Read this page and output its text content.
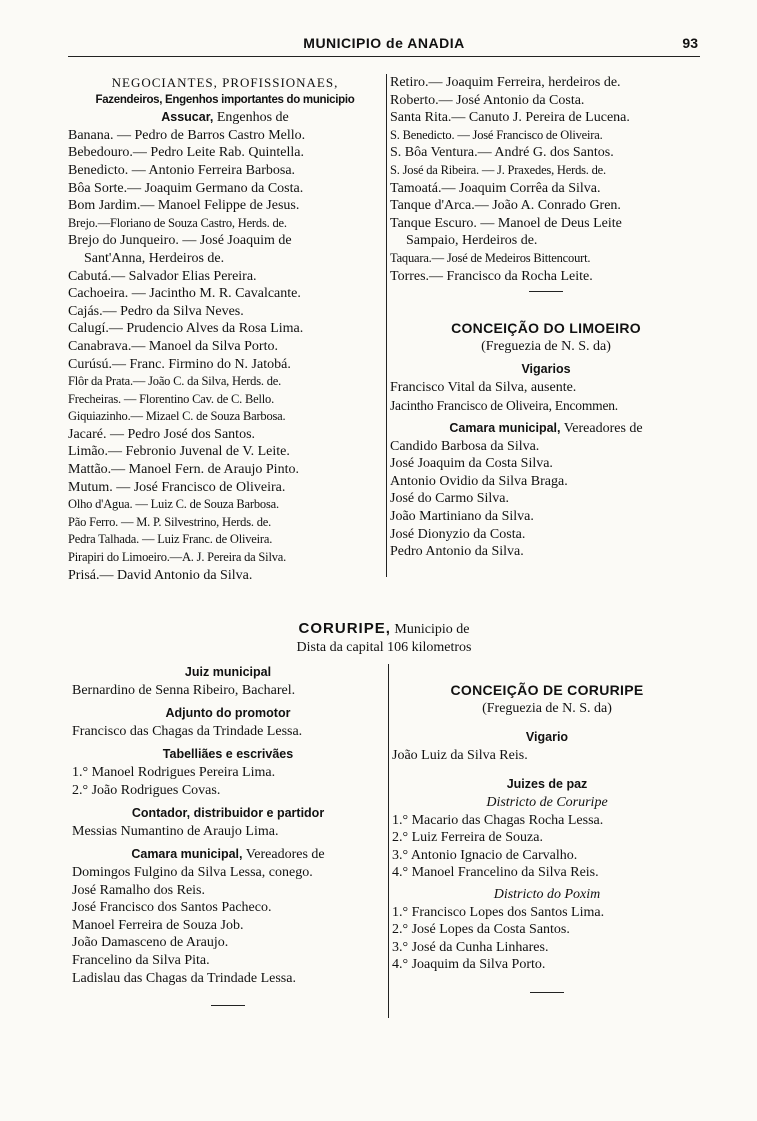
MUNICIPIO de ANADIA	93
NEGOCIANTES, PROFISSIONAES,
Fazendeiros, Engenhos importantes do municipio
Assucar, Engenhos de
Banana. — Pedro de Barros Castro Mello.
Bebedouro.— Pedro Leite Rab. Quintella.
Benedicto. — Antonio Ferreira Barbosa.
Bôa Sorte.— Joaquim Germano da Costa.
Bom Jardim.— Manoel Felippe de Jesus.
Brejo.—Floriano de Souza Castro, Herds. de.
Brejo do Junqueiro. — José Joaquim de
Sant'Anna, Herdeiros de.
Cabutá.— Salvador Elias Pereira.
Cachoeira. — Jacintho M. R. Cavalcante.
Cajás.— Pedro da Silva Neves.
Calugí.— Prudencio Alves da Rosa Lima.
Canabrava.— Manoel da Silva Porto.
Curúsú.— Franc. Firmino do N. Jatobá.
Flôr da Prata.— João C. da Silva, Herds. de.
Frecheiras. — Florentino Cav. de C. Bello.
Giquiazinho.— Mizael C. de Souza Barbosa.
Jacaré. — Pedro José dos Santos.
Limão.— Febronio Juvenal de V. Leite.
Mattão.— Manoel Fern. de Araujo Pinto.
Mutum. — José Francisco de Oliveira.
Olho d'Agua. — Luiz C. de Souza Barbosa.
Pão Ferro. — M. P. Silvestrino, Herds. de.
Pedra Talhada. — Luiz Franc. de Oliveira.
Pirapiri do Limoeiro.—A. J. Pereira da Silva.
Prisá.— David Antonio da Silva.
Retiro.— Joaquim Ferreira, herdeiros de.
Roberto.— José Antonio da Costa.
Santa Rita.— Canuto J. Pereira de Lucena.
S. Benedicto. — José Francisco de Oliveira.
S. Bôa Ventura.— André G. dos Santos.
S. José da Ribeira. — J. Praxedes, Herds. de.
Tamoatá.— Joaquim Corrêa da Silva.
Tanque d'Arca.— João A. Conrado Gren.
Tanque Escuro. — Manoel de Deus Leite
Sampaio, Herdeiros de.
Taquara.— José de Medeiros Bittencourt.
Torres.— Francisco da Rocha Leite.
CONCEIÇÃO DO LIMOEIRO
(Freguezia de N. S. da)
Vigarios
Francisco Vital da Silva, ausente.
Jacintho Francisco de Oliveira, Encommen.
Camara municipal, Vereadores de
Candido Barbosa da Silva.
José Joaquim da Costa Silva.
Antonio Ovidio da Silva Braga.
José do Carmo Silva.
João Martiniano da Silva.
José Dionyzio da Costa.
Pedro Antonio da Silva.
CORURIPE, Municipio de
Dista da capital 106 kilometros
Juiz municipal
Bernardino de Senna Ribeiro, Bacharel.
Adjunto do promotor
Francisco das Chagas da Trindade Lessa.
Tabelliães e escrivães
1.° Manoel Rodrigues Pereira Lima.
2.° João Rodrigues Covas.
Contador, distribuidor e partidor
Messias Numantino de Araujo Lima.
Camara municipal, Vereadores de
Domingos Fulgino da Silva Lessa, conego.
José Ramalho dos Reis.
José Francisco dos Santos Pacheco.
Manoel Ferreira de Souza Job.
João Damasceno de Araujo.
Francelino da Silva Pita.
Ladislau das Chagas da Trindade Lessa.
CONCEIÇÃO DE CORURIPE
(Freguezia de N. S. da)
Vigario
João Luiz da Silva Reis.
Juizes de paz
Districto de Coruripe
1.° Macario das Chagas Rocha Lessa.
2.° Luiz Ferreira de Souza.
3.° Antonio Ignacio de Carvalho.
4.° Manoel Francelino da Silva Reis.
Districto do Poxim
1.° Francisco Lopes dos Santos Lima.
2.° José Lopes da Costa Santos.
3.° José da Cunha Linhares.
4.° Joaquim da Silva Porto.
